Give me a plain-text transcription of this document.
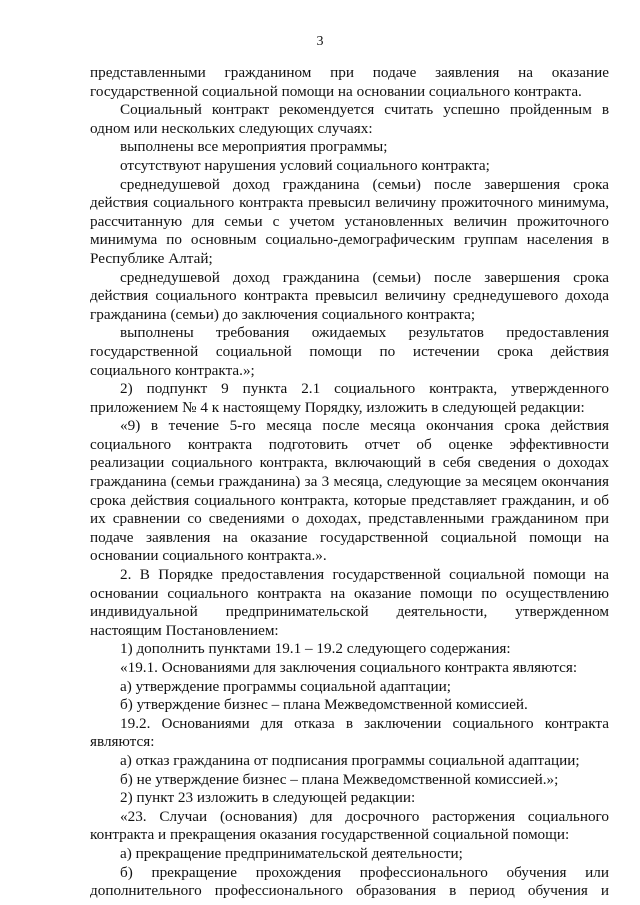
3

представленными гражданином при подаче заявления на оказание государственной социальной помощи на основании социального контракта.

Социальный контракт рекомендуется считать успешно пройденным в одном или нескольких следующих случаях:

выполнены все мероприятия программы;

отсутствуют нарушения условий социального контракта;

среднедушевой доход гражданина (семьи) после завершения срока действия социального контракта превысил величину прожиточного минимума, рассчитанную для семьи с учетом установленных величин прожиточного минимума по основным социально-демографическим группам населения в Республике Алтай;

среднедушевой доход гражданина (семьи) после завершения срока действия социального контракта превысил величину среднедушевого дохода гражданина (семьи) до заключения социального контракта;

выполнены требования ожидаемых результатов предоставления государственной социальной помощи по истечении срока действия социального контракта.»;

2) подпункт 9 пункта 2.1 социального контракта, утвержденного приложением № 4 к настоящему Порядку, изложить в следующей редакции:

«9) в течение 5-го месяца после месяца окончания срока действия социального контракта подготовить отчет об оценке эффективности реализации социального контракта, включающий в себя сведения о доходах гражданина (семьи гражданина) за 3 месяца, следующие за месяцем окончания срока действия социального контракта, которые представляет гражданин, и об их сравнении со сведениями о доходах, представленными гражданином при подаче заявления на оказание государственной социальной помощи на основании социального контракта.».

2. В Порядке предоставления государственной социальной помощи на основании социального контракта на оказание помощи по осуществлению индивидуальной предпринимательской деятельности, утвержденном настоящим Постановлением:

1) дополнить пунктами 19.1 – 19.2 следующего содержания:

«19.1. Основаниями для заключения социального контракта являются:

а) утверждение программы социальной адаптации;

б) утверждение бизнес – плана Межведомственной комиссией.

19.2. Основаниями для отказа в заключении социального контракта являются:

а) отказ гражданина от подписания программы социальной адаптации;

б) не утверждение бизнес – плана Межведомственной комиссией.»;

2) пункт 23 изложить в следующей редакции:

«23. Случаи (основания) для досрочного расторжения социального контракта и прекращения оказания государственной социальной помощи:

а) прекращение предпринимательской деятельности;

б) прекращение прохождения профессионального обучения или дополнительного профессионального образования в период обучения и
